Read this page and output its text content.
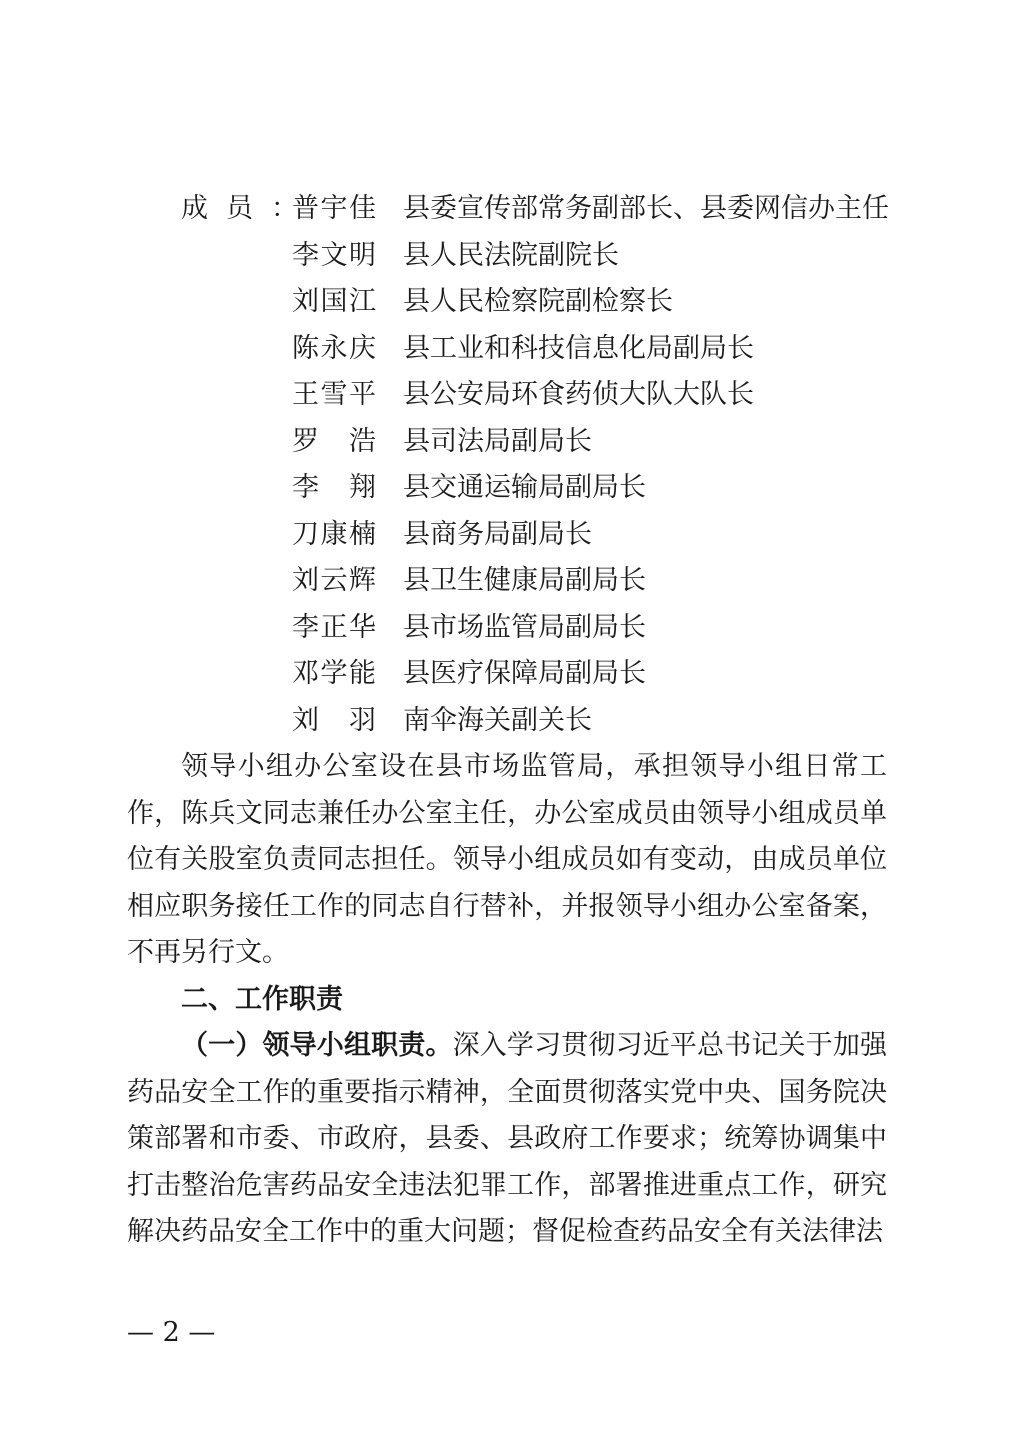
成员：
普宇佳 县委宣传部常务副部长、县委网信办主任
李文明 县人民法院副院长
刘国江 县人民检察院副检察长
陈永庆 县工业和科技信息化局副局长
王雪平 县公安局环食药侦大队大队长
罗 浩 县司法局副局长
李 翔 县交通运输局副局长
刀康楠 县商务局副局长
刘云辉 县卫生健康局副局长
李正华 县市场监管局副局长
邓学能 县医疗保障局副局长
刘 羽 南伞海关副关长

领导小组办公室设在县市场监管局，承担领导小组日常工作，陈兵文同志兼任办公室主任，办公室成员由领导小组成员单位有关股室负责同志担任。领导小组成员如有变动，由成员单位相应职务接任工作的同志自行替补，并报领导小组办公室备案，不再另行文。

二、工作职责

（一）领导小组职责。深入学习贯彻习近平总书记关于加强药品安全工作的重要指示精神，全面贯彻落实党中央、国务院决策部署和市委、市政府，县委、县政府工作要求；统筹协调集中打击整治危害药品安全违法犯罪工作，部署推进重点工作，研究解决药品安全工作中的重大问题；督促检查药品安全有关法律法

— 2 —
